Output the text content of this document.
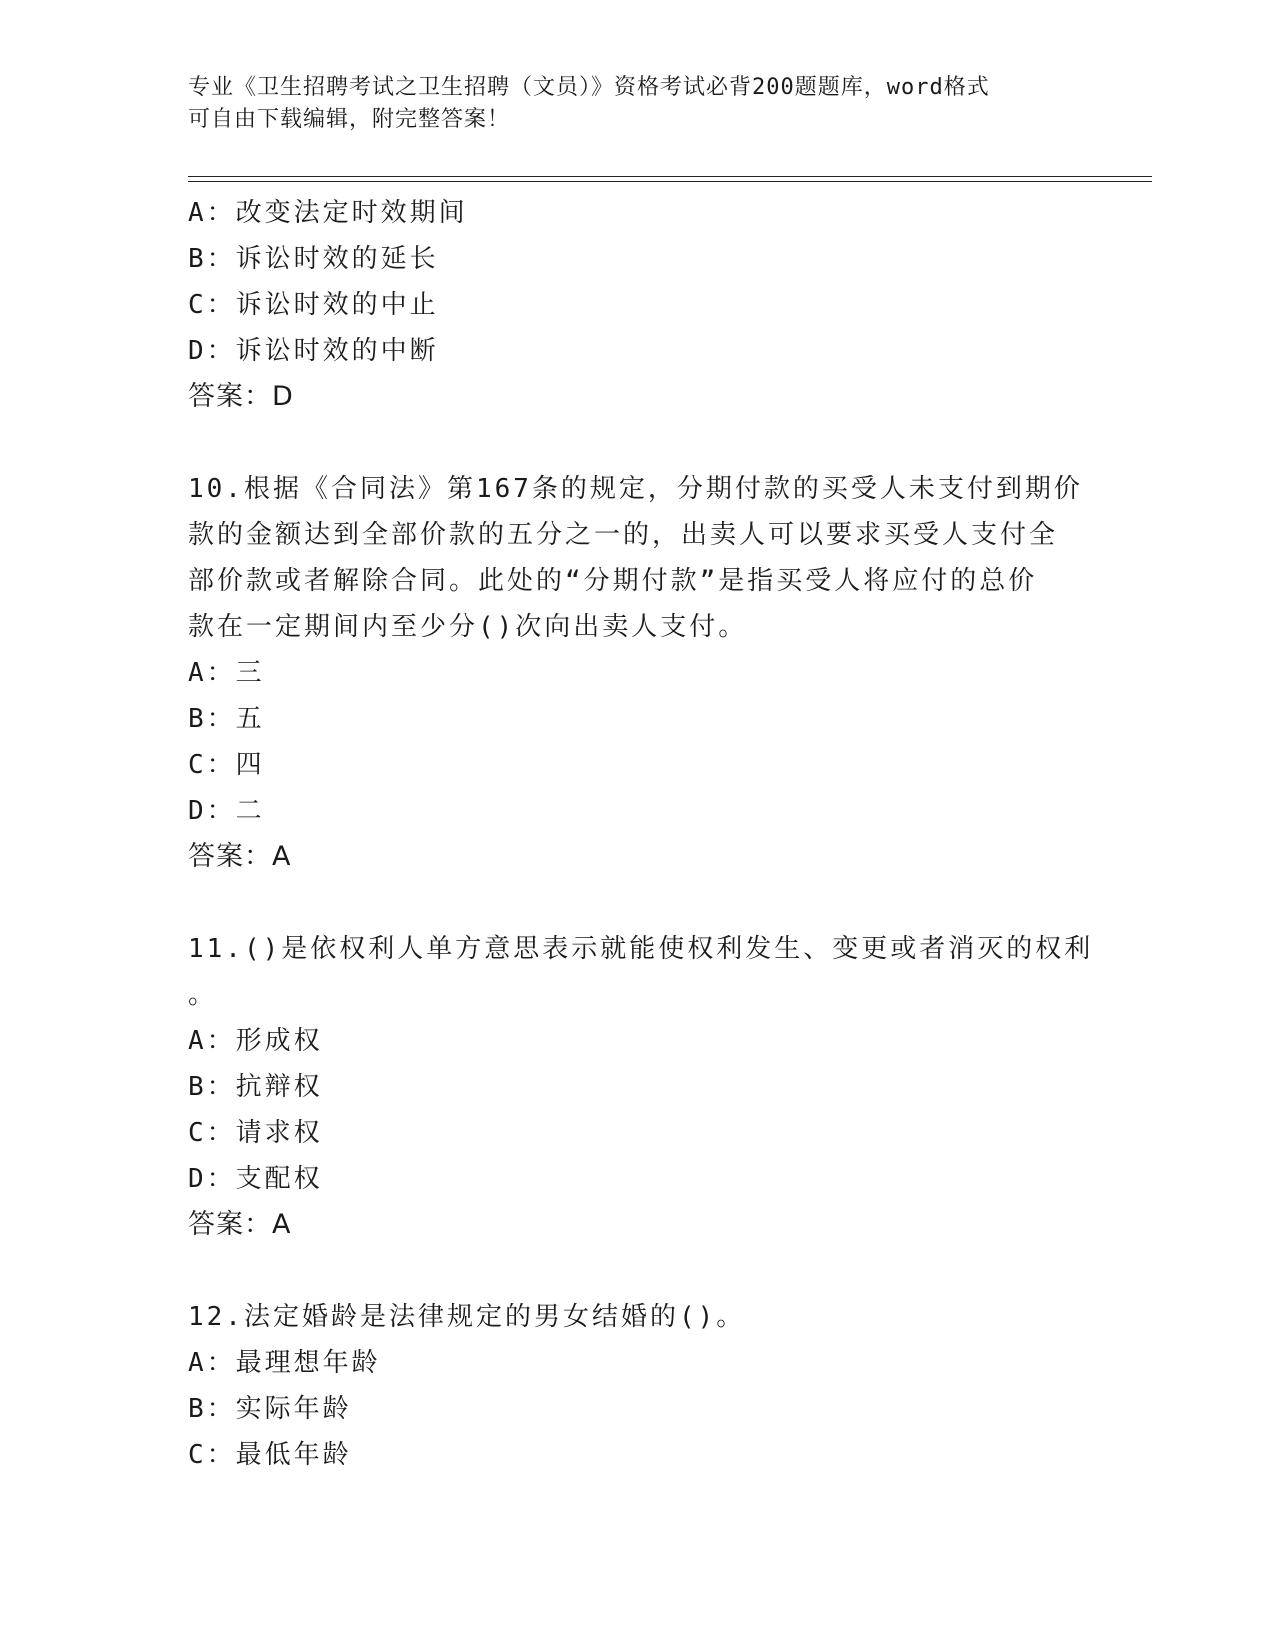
专业《卫生招聘考试之卫生招聘（文员）》资格考试必背200题题库，word格式
可自由下载编辑，附完整答案！
A：改变法定时效期间
B：诉讼时效的延长
C：诉讼时效的中止
D：诉讼时效的中断
答案：D
10.根据《合同法》第167条的规定，分期付款的买受人未支付到期价
款的金额达到全部价款的五分之一的，出卖人可以要求买受人支付全
部价款或者解除合同。此处的“分期付款”是指买受人将应付的总价
款在一定期间内至少分()次向出卖人支付。
A：三
B：五
C：四
D：二
答案：A
11.()是依权利人单方意思表示就能使权利发生、变更或者消灭的权利
。
A：形成权
B：抗辩权
C：请求权
D：支配权
答案：A
12.法定婚龄是法律规定的男女结婚的()。
A：最理想年龄
B：实际年龄
C：最低年龄
